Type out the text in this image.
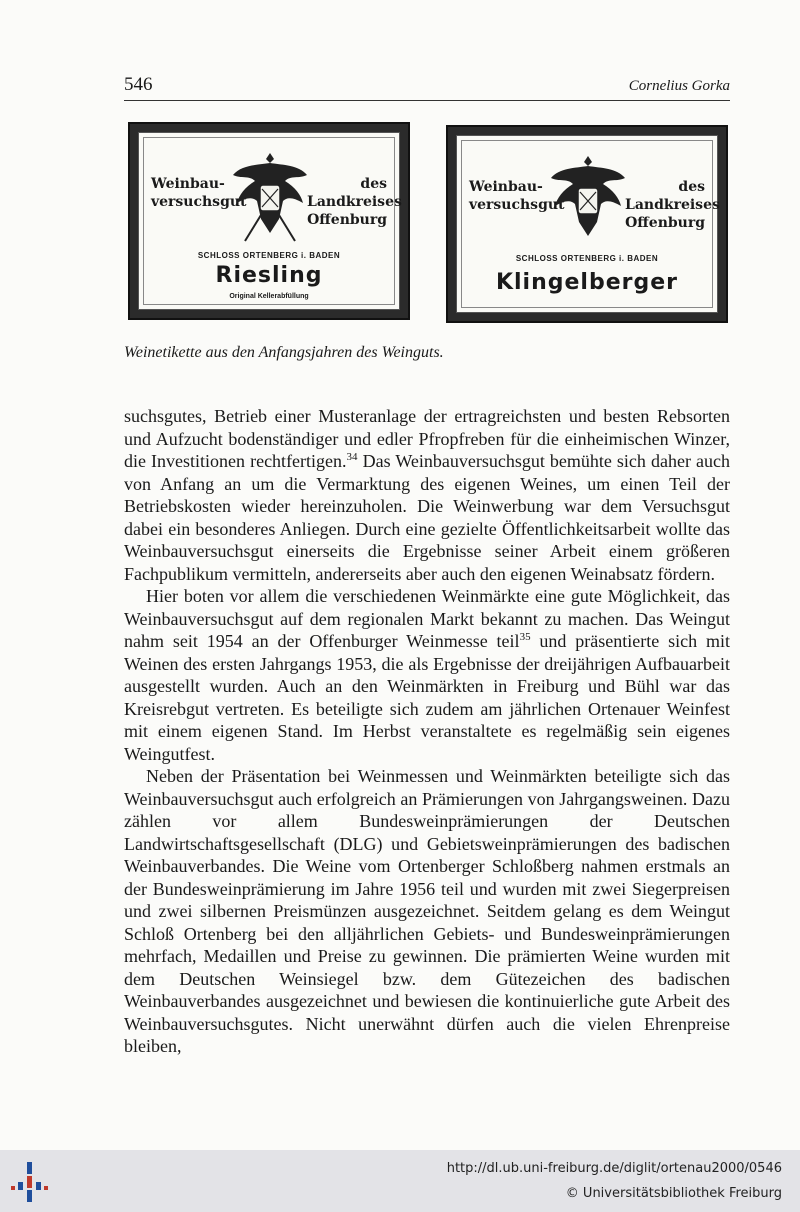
546	Cornelius Gorka
Weinbau-
versuchsgut
des Landkreises
Offenburg
SCHLOSS ORTENBERG i. BADEN
Riesling
Original Kellerabfüllung
Weinbau-
versuchsgut
des Landkreises
Offenburg
SCHLOSS ORTENBERG i. BADEN
Klingelberger
Weinetikette aus den Anfangsjahren des Weinguts.

suchsgutes, Betrieb einer Musteranlage der ertragreichsten und besten Rebsorten und Aufzucht bodenständiger und edler Pfropfreben für die einheimischen Winzer, die Investitionen rechtfertigen.$^{34}$ Das Weinbauversuchsgut bemühte sich daher auch von Anfang an um die Vermarktung des eigenen Weines, um einen Teil der Betriebskosten wieder hereinzuholen. Die Weinwerbung war dem Versuchsgut dabei ein besonderes Anliegen. Durch eine gezielte Öffentlichkeitsarbeit wollte das Weinbauversuchsgut einerseits die Ergebnisse seiner Arbeit einem größeren Fachpublikum vermitteln, andererseits aber auch den eigenen Weinabsatz fördern.

Hier boten vor allem die verschiedenen Weinmärkte eine gute Möglichkeit, das Weinbauversuchsgut auf dem regionalen Markt bekannt zu machen. Das Weingut nahm seit 1954 an der Offenburger Weinmesse teil$^{35}$ und präsentierte sich mit Weinen des ersten Jahrgangs 1953, die als Ergebnisse der dreijährigen Aufbauarbeit ausgestellt wurden. Auch an den Weinmärkten in Freiburg und Bühl war das Kreisrebgut vertreten. Es beteiligte sich zudem am jährlichen Ortenauer Weinfest mit einem eigenen Stand. Im Herbst veranstaltete es regelmäßig sein eigenes Weingutfest.

Neben der Präsentation bei Weinmessen und Weinmärkten beteiligte sich das Weinbauversuchsgut auch erfolgreich an Prämierungen von Jahrgangsweinen. Dazu zählen vor allem Bundesweinprämierungen der Deutschen Landwirtschaftsgesellschaft (DLG) und Gebietsweinprämierungen des badischen Weinbauverbandes. Die Weine vom Ortenberger Schloßberg nahmen erstmals an der Bundesweinprämierung im Jahre 1956 teil und wurden mit zwei Siegerpreisen und zwei silbernen Preismünzen ausgezeichnet. Seitdem gelang es dem Weingut Schloß Ortenberg bei den alljährlichen Gebiets- und Bundesweinprämierungen mehrfach, Medaillen und Preise zu gewinnen. Die prämierten Weine wurden mit dem Deutschen Weinsiegel bzw. dem Gütezeichen des badischen Weinbauverbandes ausgezeichnet und bewiesen die kontinuierliche gute Arbeit des Weinbauversuchsgutes. Nicht unerwähnt dürfen auch die vielen Ehrenpreise bleiben,

http://dl.ub.uni-freiburg.de/diglit/ortenau2000/0546
© Universitätsbibliothek Freiburg
